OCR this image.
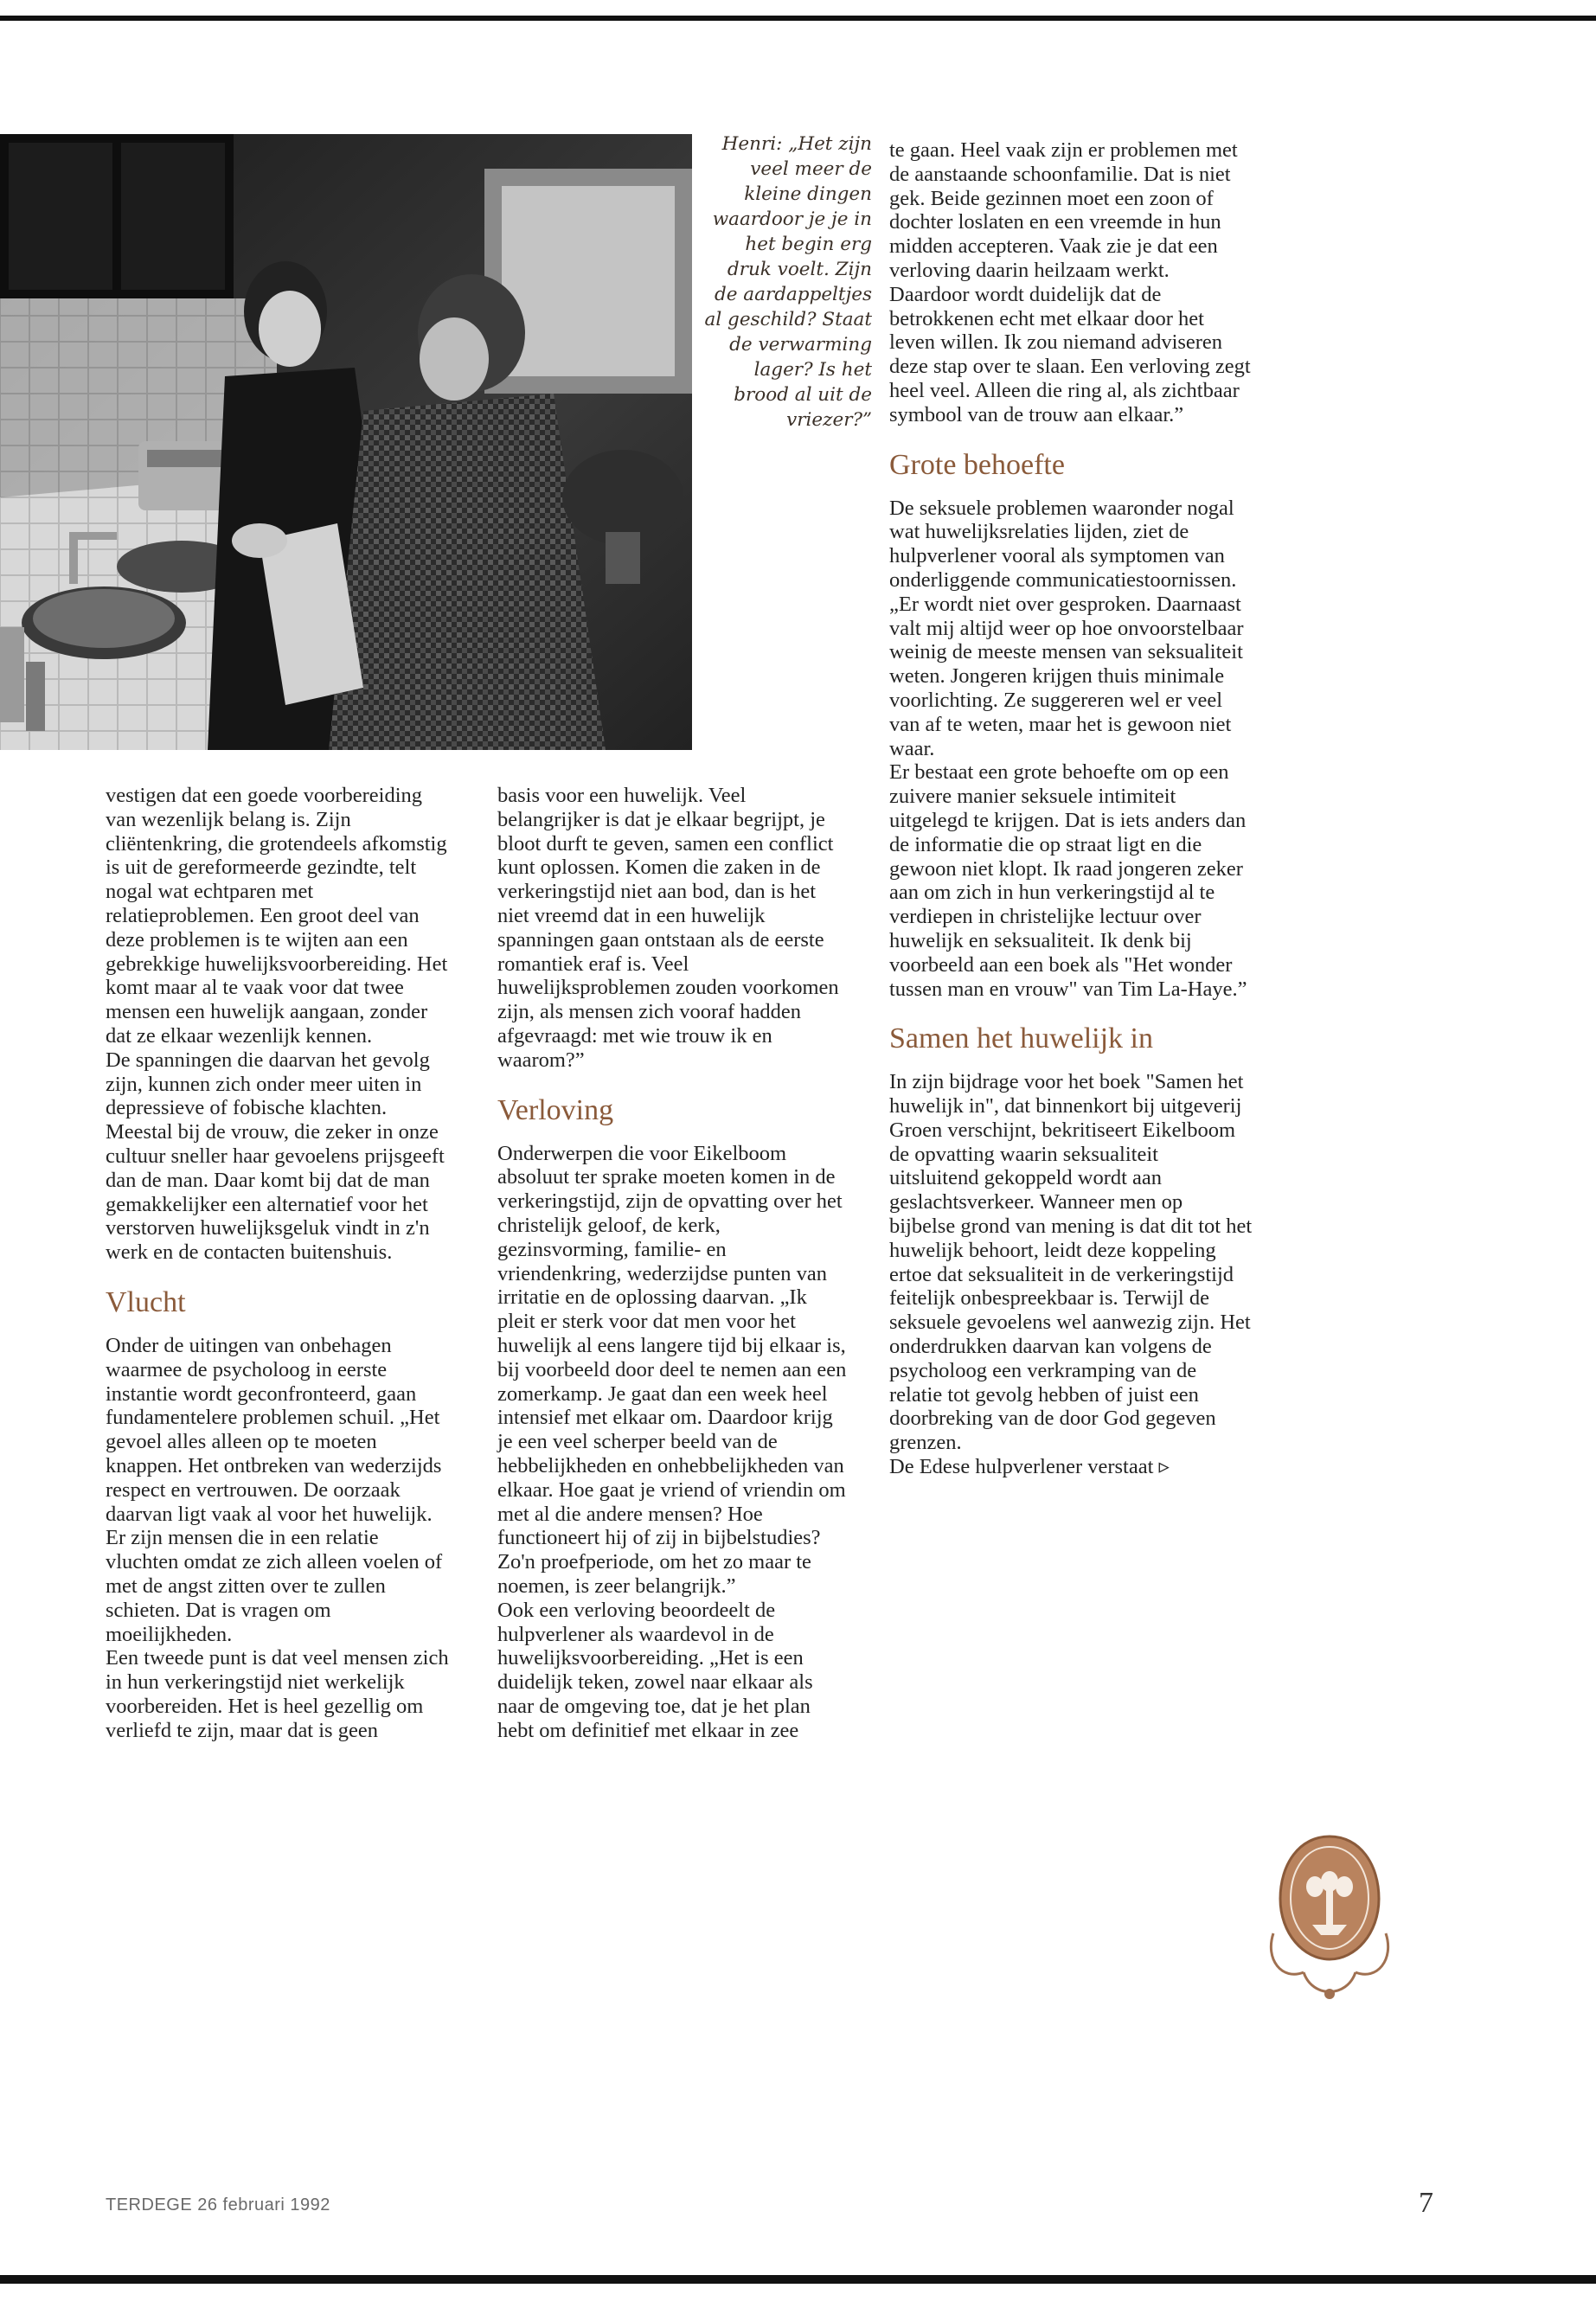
Henri: „Het zijn veel meer de kleine dingen waardoor je je in het begin erg druk voelt. Zijn de aardappeltjes al geschild? Staat de verwarming lager? Is het brood al uit de vriezer?”

vestigen dat een goede voorbereiding van wezenlijk belang is. Zijn cliëntenkring, die grotendeels afkomstig is uit de gereformeerde gezindte, telt nogal wat echtparen met relatieproblemen. Een groot deel van deze problemen is te wijten aan een gebrekkige huwelijksvoorbereiding. Het komt maar al te vaak voor dat twee mensen een huwelijk aangaan, zonder dat ze elkaar wezenlijk kennen.

De spanningen die daarvan het gevolg zijn, kunnen zich onder meer uiten in depressieve of fobische klachten. Meestal bij de vrouw, die zeker in onze cultuur sneller haar gevoelens prijsgeeft dan de man. Daar komt bij dat de man gemakkelijker een alternatief voor het verstorven huwelijksgeluk vindt in z'n werk en de contacten buitenshuis.

Vlucht

Onder de uitingen van onbehagen waarmee de psycholoog in eerste instantie wordt geconfronteerd, gaan fundamentelere problemen schuil. „Het gevoel alles alleen op te moeten knappen. Het ontbreken van wederzijds respect en vertrouwen. De oorzaak daarvan ligt vaak al voor het huwelijk. Er zijn mensen die in een relatie vluchten omdat ze zich alleen voelen of met de angst zitten over te zullen schieten. Dat is vragen om moeilijkheden.

Een tweede punt is dat veel mensen zich in hun verkeringstijd niet werkelijk voorbereiden. Het is heel gezellig om verliefd te zijn, maar dat is geen

basis voor een huwelijk. Veel belangrijker is dat je elkaar begrijpt, je bloot durft te geven, samen een conflict kunt oplossen. Komen die zaken in de verkeringstijd niet aan bod, dan is het niet vreemd dat in een huwelijk spanningen gaan ontstaan als de eerste romantiek eraf is. Veel huwelijksproblemen zouden voorkomen zijn, als mensen zich vooraf hadden afgevraagd: met wie trouw ik en waarom?”

Verloving

Onderwerpen die voor Eikelboom absoluut ter sprake moeten komen in de verkeringstijd, zijn de opvatting over het christelijk geloof, de kerk, gezinsvorming, familie- en vriendenkring, wederzijdse punten van irritatie en de oplossing daarvan. „Ik pleit er sterk voor dat men voor het huwelijk al eens langere tijd bij elkaar is, bij voorbeeld door deel te nemen aan een zomerkamp. Je gaat dan een week heel intensief met elkaar om. Daardoor krijg je een veel scherper beeld van de hebbelijkheden en onhebbelijkheden van elkaar. Hoe gaat je vriend of vriendin om met al die andere mensen? Hoe functioneert hij of zij in bijbelstudies? Zo'n proefperiode, om het zo maar te noemen, is zeer belangrijk.”

Ook een verloving beoordeelt de hulpverlener als waardevol in de huwelijksvoorbereiding. „Het is een duidelijk teken, zowel naar elkaar als naar de omgeving toe, dat je het plan hebt om definitief met elkaar in zee

te gaan. Heel vaak zijn er problemen met de aanstaande schoonfamilie. Dat is niet gek. Beide gezinnen moet een zoon of dochter loslaten en een vreemde in hun midden accepteren. Vaak zie je dat een verloving daarin heilzaam werkt. Daardoor wordt duidelijk dat de betrokkenen echt met elkaar door het leven willen. Ik zou niemand adviseren deze stap over te slaan. Een verloving zegt heel veel. Alleen die ring al, als zichtbaar symbool van de trouw aan elkaar.”

Grote behoefte

De seksuele problemen waaronder nogal wat huwelijksrelaties lijden, ziet de hulpverlener vooral als symptomen van onderliggende communicatiestoornissen. „Er wordt niet over gesproken. Daarnaast valt mij altijd weer op hoe onvoorstelbaar weinig de meeste mensen van seksualiteit weten. Jongeren krijgen thuis minimale voorlichting. Ze suggereren wel er veel van af te weten, maar het is gewoon niet waar.

Er bestaat een grote behoefte om op een zuivere manier seksuele intimiteit uitgelegd te krijgen. Dat is iets anders dan de informatie die op straat ligt en die gewoon niet klopt. Ik raad jongeren zeker aan om zich in hun verkeringstijd al te verdiepen in christelijke lectuur over huwelijk en seksualiteit. Ik denk bij voorbeeld aan een boek als "Het wonder tussen man en vrouw" van Tim La-Haye.”

Samen het huwelijk in

In zijn bijdrage voor het boek "Samen het huwelijk in", dat binnenkort bij uitgeverij Groen verschijnt, bekritiseert Eikelboom de opvatting waarin seksualiteit uitsluitend gekoppeld wordt aan geslachtsverkeer. Wanneer men op bijbelse grond van mening is dat dit tot het huwelijk behoort, leidt deze koppeling ertoe dat seksualiteit in de verkeringstijd feitelijk onbespreekbaar is. Terwijl de seksuele gevoelens wel aanwezig zijn. Het onderdrukken daarvan kan volgens de psycholoog een verkramping van de relatie tot gevolg hebben of juist een doorbreking van de door God gegeven grenzen.

De Edese hulpverlener verstaat ▹

TERDEGE 26 februari 1992	7
